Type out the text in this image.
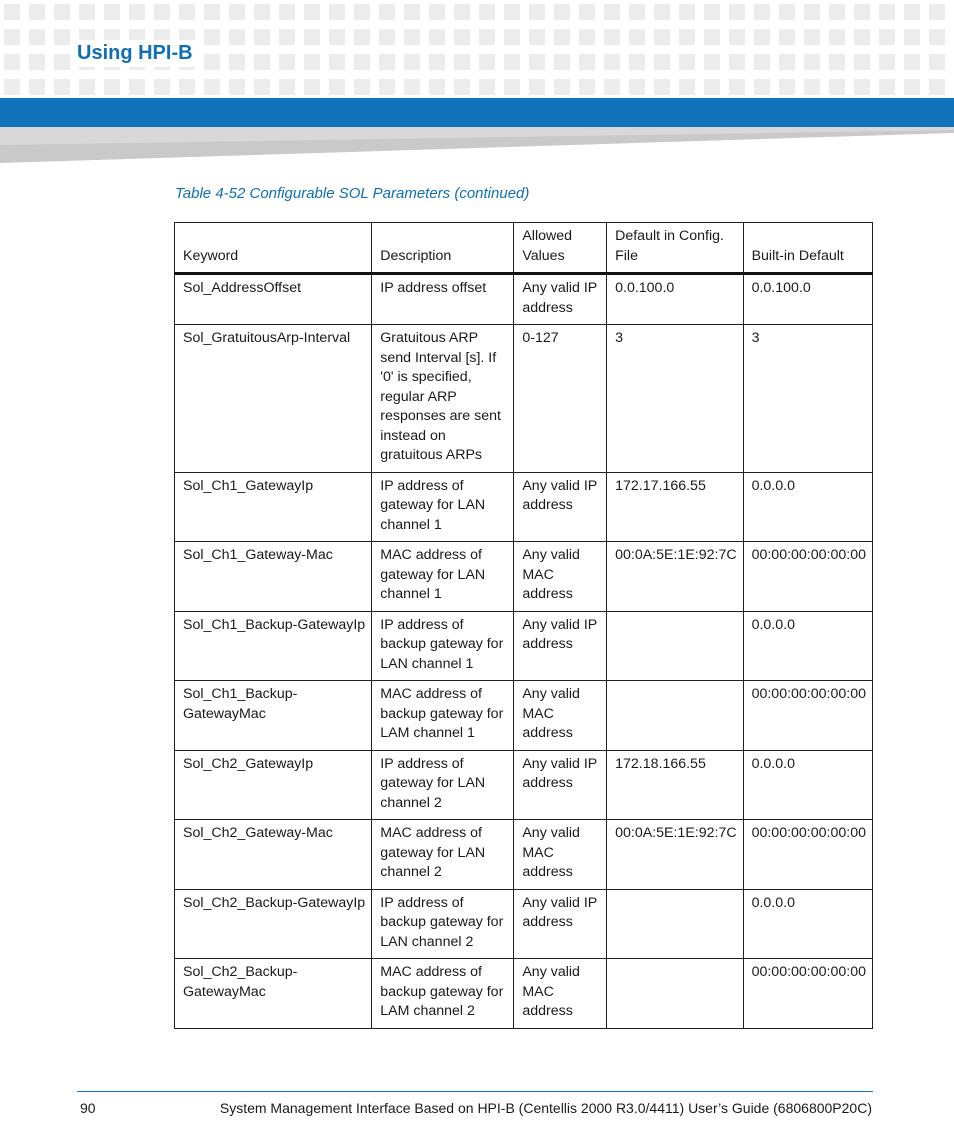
Using HPI-B
Table 4-52 Configurable SOL Parameters (continued)
Keyword	Description	Allowed Values	Default in Config. File	Built-in Default
Sol_AddressOffset	IP address offset	Any valid IP address	0.0.100.0	0.0.100.0
Sol_GratuitousArp-Interval	Gratuitous ARP send Interval [s]. If '0' is specified, regular ARP responses are sent instead on gratuitous ARPs	0-127	3	3
Sol_Ch1_GatewayIp	IP address of gateway for LAN channel 1	Any valid IP address	172.17.166.55	0.0.0.0
Sol_Ch1_Gateway-Mac	MAC address of gateway for LAN channel 1	Any valid MAC address	00:0A:5E:1E:92:7C	00:00:00:00:00:00
Sol_Ch1_Backup-GatewayIp	IP address of backup gateway for LAN channel 1	Any valid IP address		0.0.0.0
Sol_Ch1_Backup-GatewayMac	MAC address of backup gateway for LAM channel 1	Any valid MAC address		00:00:00:00:00:00
Sol_Ch2_GatewayIp	IP address of gateway for LAN channel 2	Any valid IP address	172.18.166.55	0.0.0.0
Sol_Ch2_Gateway-Mac	MAC address of gateway for LAN channel 2	Any valid MAC address	00:0A:5E:1E:92:7C	00:00:00:00:00:00
Sol_Ch2_Backup-GatewayIp	IP address of backup gateway for LAN channel 2	Any valid IP address		0.0.0.0
Sol_Ch2_Backup-GatewayMac	MAC address of backup gateway for LAM channel 2	Any valid MAC address		00:00:00:00:00:00
90	System Management Interface Based on HPI-B (Centellis 2000 R3.0/4411) User’s Guide (6806800P20C)
